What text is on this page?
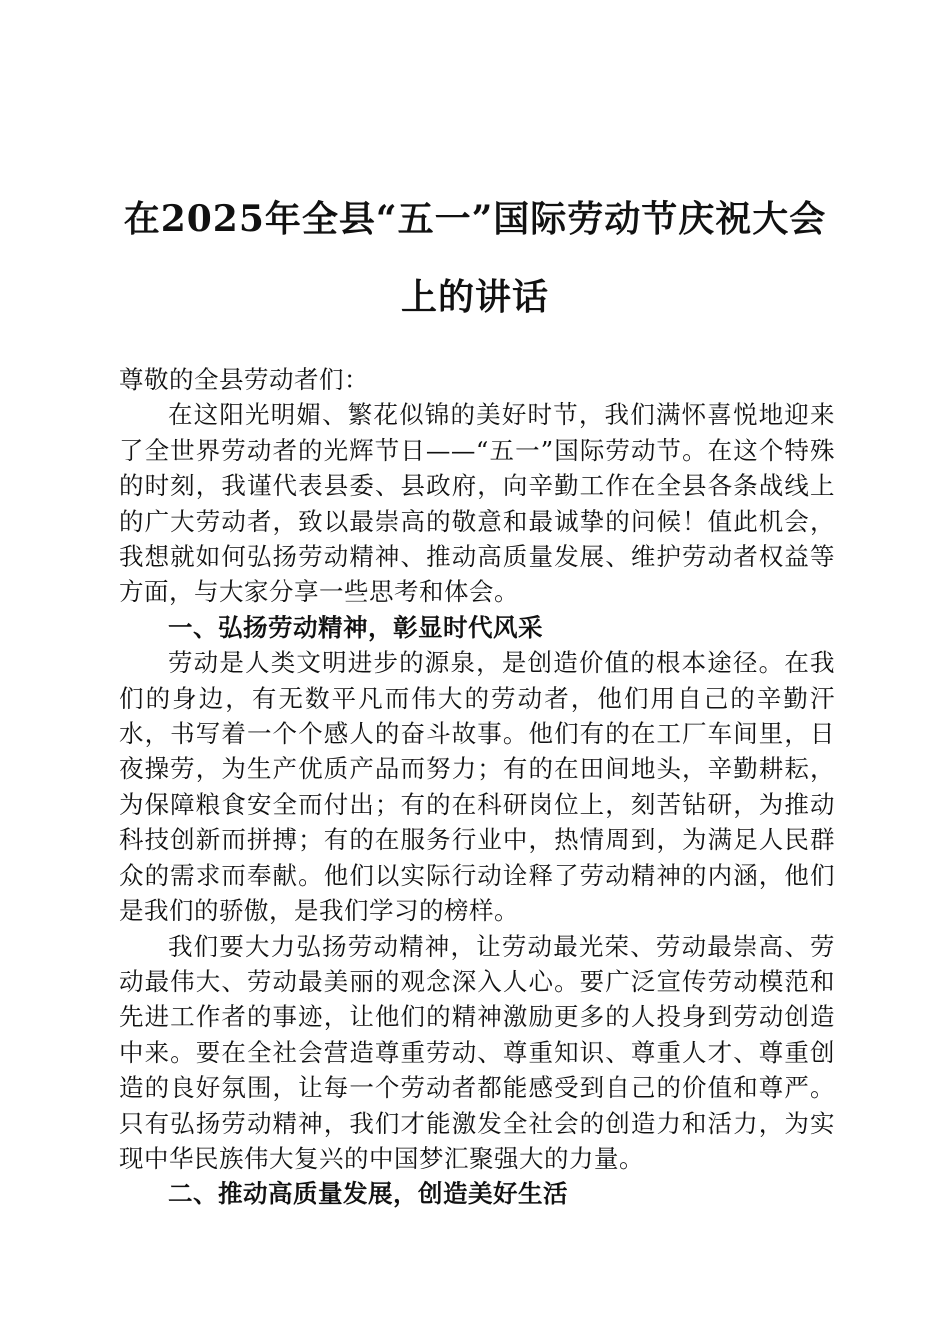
在2025年全县“五一”国际劳动节庆祝大会上的讲话

尊敬的全县劳动者们：

在这阳光明媚、繁花似锦的美好时节，我们满怀喜悦地迎来了全世界劳动者的光辉节日——“五一”国际劳动节。在这个特殊的时刻，我谨代表县委、县政府，向辛勤工作在全县各条战线上的广大劳动者，致以最崇高的敬意和最诚挚的问候！值此机会，我想就如何弘扬劳动精神、推动高质量发展、维护劳动者权益等方面，与大家分享一些思考和体会。

一、弘扬劳动精神，彰显时代风采

劳动是人类文明进步的源泉，是创造价值的根本途径。在我们的身边，有无数平凡而伟大的劳动者，他们用自己的辛勤汗水，书写着一个个感人的奋斗故事。他们有的在工厂车间里，日夜操劳，为生产优质产品而努力；有的在田间地头，辛勤耕耘，为保障粮食安全而付出；有的在科研岗位上，刻苦钻研，为推动科技创新而拼搏；有的在服务行业中，热情周到，为满足人民群众的需求而奉献。他们以实际行动诠释了劳动精神的内涵，他们是我们的骄傲，是我们学习的榜样。

我们要大力弘扬劳动精神，让劳动最光荣、劳动最崇高、劳动最伟大、劳动最美丽的观念深入人心。要广泛宣传劳动模范和先进工作者的事迹，让他们的精神激励更多的人投身到劳动创造中来。要在全社会营造尊重劳动、尊重知识、尊重人才、尊重创造的良好氛围，让每一个劳动者都能感受到自己的价值和尊严。只有弘扬劳动精神，我们才能激发全社会的创造力和活力，为实现中华民族伟大复兴的中国梦汇聚强大的力量。

二、推动高质量发展，创造美好生活
